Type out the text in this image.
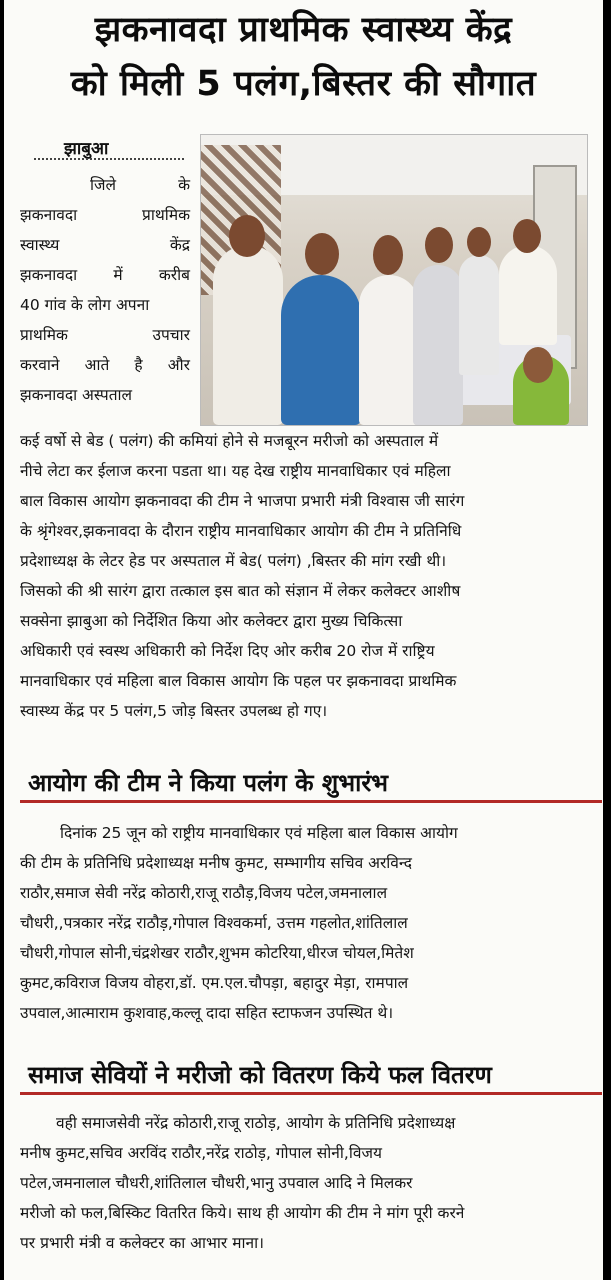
झकनावदा प्राथमिक स्वास्थ्य केंद्र
को मिली 5 पलंग,बिस्तर की सौगात
झाबुआ
जिले के
झकनावदा प्राथमिक
स्वास्थ्य केंद्र
झकनावदा में करीब
40 गांव के लोग अपना
प्राथमिक उपचार
करवाने आते है और
झकनावदा अस्पताल
कई वर्षो से बेड ( पलंग) की कमियां होने से मजबूरन मरीजो को अस्पताल में
नीचे लेटा कर ईलाज करना पडता था। यह देख राष्ट्रीय मानवाधिकार एवं महिला
बाल विकास आयोग झकनावदा की टीम ने भाजपा प्रभारी मंत्री विश्वास जी सारंग
के श्रृंगेश्वर,झकनावदा के दौरान राष्ट्रीय मानवाधिकार आयोग की टीम ने प्रतिनिधि
प्रदेशाध्यक्ष के लेटर हेड पर अस्पताल में बेड( पलंग) ,बिस्तर की मांग रखी थी।
जिसको की श्री सारंग द्वारा तत्काल इस बात को संज्ञान में लेकर कलेक्टर आशीष
सक्सेना झाबुआ को निर्देशित किया ओर कलेक्टर द्वारा मुख्य चिकित्सा
अधिकारी एवं स्वस्थ अधिकारी को निर्देश दिए ओर करीब 20 रोज में राष्ट्रिय
मानवाधिकार एवं महिला बाल विकास आयोग कि पहल पर झकनावदा प्राथमिक
स्वास्थ्य केंद्र पर 5 पलंग,5 जोड़ बिस्तर उपलब्ध हो गए।
आयोग की टीम ने किया पलंग के शुभारंभ
दिनांक 25 जून को राष्ट्रीय मानवाधिकार एवं महिला बाल विकास आयोग
की टीम के प्रतिनिधि प्रदेशाध्यक्ष मनीष कुमट, सम्भागीय सचिव अरविन्द
राठौर,समाज सेवी नरेंद्र कोठारी,राजू राठौड़,विजय पटेल,जमनालाल
चौधरी,,पत्रकार नरेंद्र राठौड़,गोपाल विश्वकर्मा, उत्तम गहलोत,शांतिलाल
चौधरी,गोपाल सोनी,चंद्रशेखर राठौर,शुभम कोटरिया,धीरज चोयल,मितेश
कुमट,कविराज विजय वोहरा,डॉ. एम.एल.चौपड़ा, बहादुर मेड़ा, रामपाल
उपवाल,आत्माराम कुशवाह,कल्लू दादा सहित स्टाफजन उपस्थित थे।
समाज सेवियों ने मरीजो को वितरण किये फल वितरण
वही समाजसेवी नरेंद्र कोठारी,राजू राठोड़, आयोग के प्रतिनिधि प्रदेशाध्यक्ष
मनीष कुमट,सचिव अरविंद राठौर,नरेंद्र राठोड़, गोपाल सोनी,विजय
पटेल,जमनालाल चौधरी,शांतिलाल चौधरी,भानु उपवाल आदि ने मिलकर
मरीजो को फल,बिस्किट वितरित किये। साथ ही आयोग की टीम ने मांग पूरी करने
पर प्रभारी मंत्री व कलेक्टर का आभार माना।
